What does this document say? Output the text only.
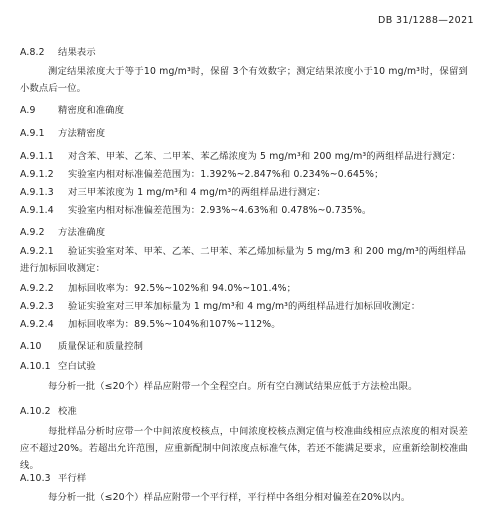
DB 31/1288—2021
A.8.2 结果表示
测定结果浓度大于等于10 mg/m³时，保留 3个有效数字；测定结果浓度小于10 mg/m³时，保留到小数点后一位。
A.9 精密度和准确度
A.9.1 方法精密度
A.9.1.1 对含苯、甲苯、乙苯、二甲苯、苯乙烯浓度为 5 mg/m³和 200 mg/m³的两组样品进行测定：
A.9.1.2 实验室内相对标准偏差范围为：1.392%~2.847%和 0.234%~0.645%；
A.9.1.3 对三甲苯浓度为 1 mg/m³和 4 mg/m³的两组样品进行测定：
A.9.1.4 实验室内相对标准偏差范围为：2.93%~4.63%和 0.478%~0.735%。
A.9.2 方法准确度
A.9.2.1 验证实验室对苯、甲苯、乙苯、二甲苯、苯乙烯加标量为 5 mg/m3 和 200 mg/m³的两组样品进行加标回收测定：
A.9.2.2 加标回收率为：92.5%~102%和 94.0%~101.4%；
A.9.2.3 验证实验室对三甲苯加标量为 1 mg/m³和 4 mg/m³的两组样品进行加标回收测定：
A.9.2.4 加标回收率为：89.5%~104%和107%~112%。
A.10 质量保证和质量控制
A.10.1 空白试验
每分析一批（≤20个）样品应附带一个全程空白。所有空白测试结果应低于方法检出限。
A.10.2 校准
每批样品分析时应带一个中间浓度校核点，中间浓度校核点测定值与校准曲线相应点浓度的相对误差应不超过20%。若超出允许范围，应重新配制中间浓度点标准气体，若还不能满足要求，应重新绘制校准曲线。
A.10.3 平行样
每分析一批（≤20个）样品应附带一个平行样，平行样中各组分相对偏差在20%以内。
